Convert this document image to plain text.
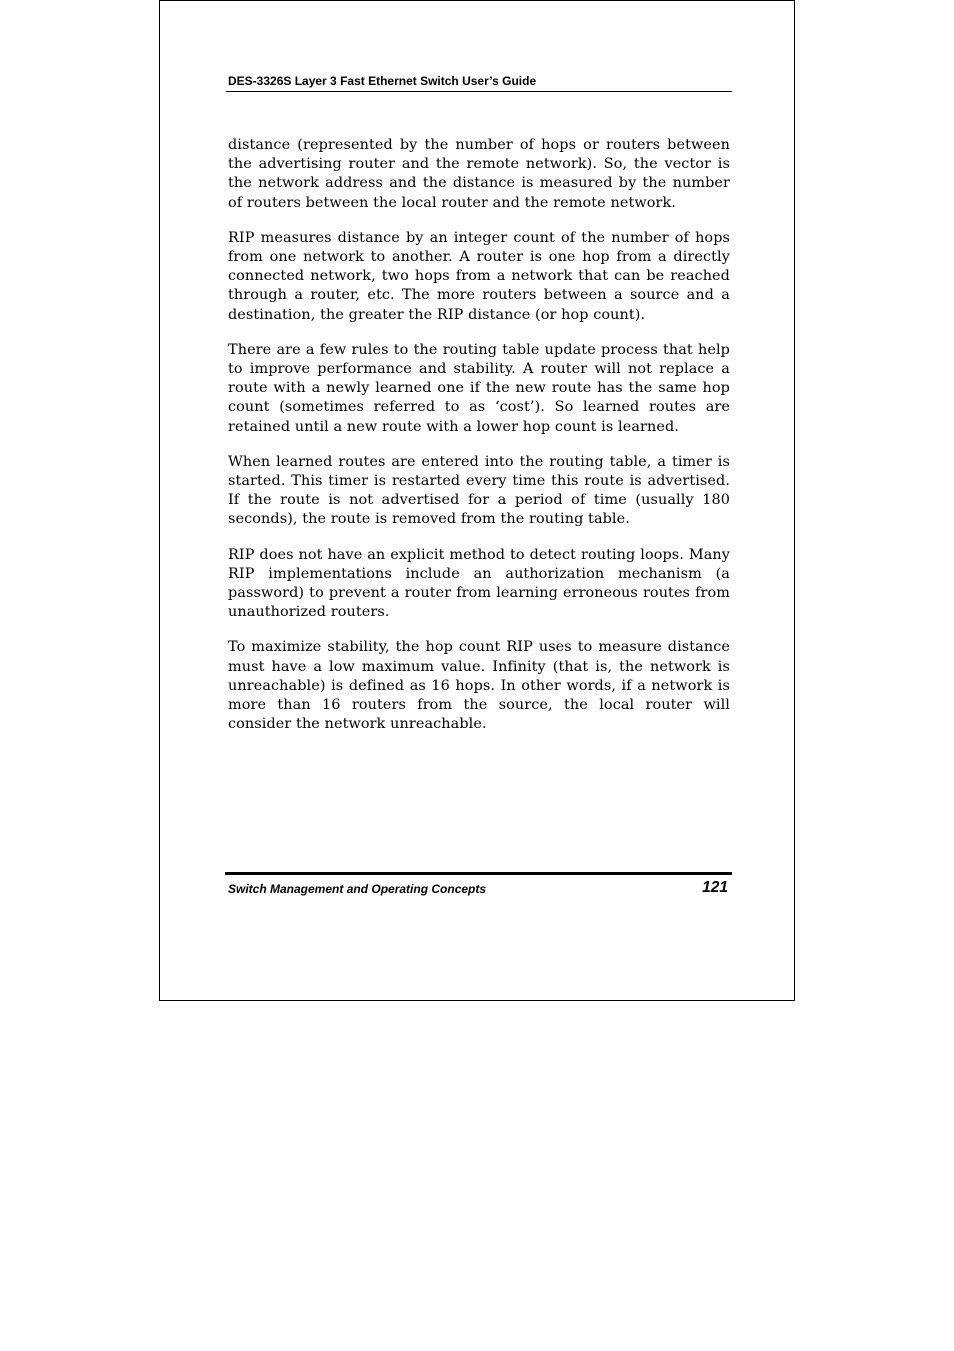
DES-3326S Layer 3 Fast Ethernet Switch User’s Guide

distance (represented by the number of hops or routers between the advertising router and the remote network). So, the vector is the network address and the distance is measured by the number of routers between the local router and the remote network.

RIP measures distance by an integer count of the number of hops from one network to another. A router is one hop from a directly connected network, two hops from a network that can be reached through a router, etc. The more routers between a source and a destination, the greater the RIP distance (or hop count).

There are a few rules to the routing table update process that help to improve performance and stability. A router will not replace a route with a newly learned one if the new route has the same hop count (sometimes referred to as ‘cost’). So learned routes are retained until a new route with a lower hop count is learned.

When learned routes are entered into the routing table, a timer is started. This timer is restarted every time this route is advertised. If the route is not advertised for a period of time (usually 180 seconds), the route is removed from the routing table.

RIP does not have an explicit method to detect routing loops. Many RIP implementations include an authorization mechanism (a password) to prevent a router from learning erroneous routes from unauthorized routers.

To maximize stability, the hop count RIP uses to measure distance must have a low maximum value. Infinity (that is, the network is unreachable) is defined as 16 hops. In other words, if a network is more than 16 routers from the source, the local router will consider the network unreachable.

Switch Management and Operating Concepts	121
